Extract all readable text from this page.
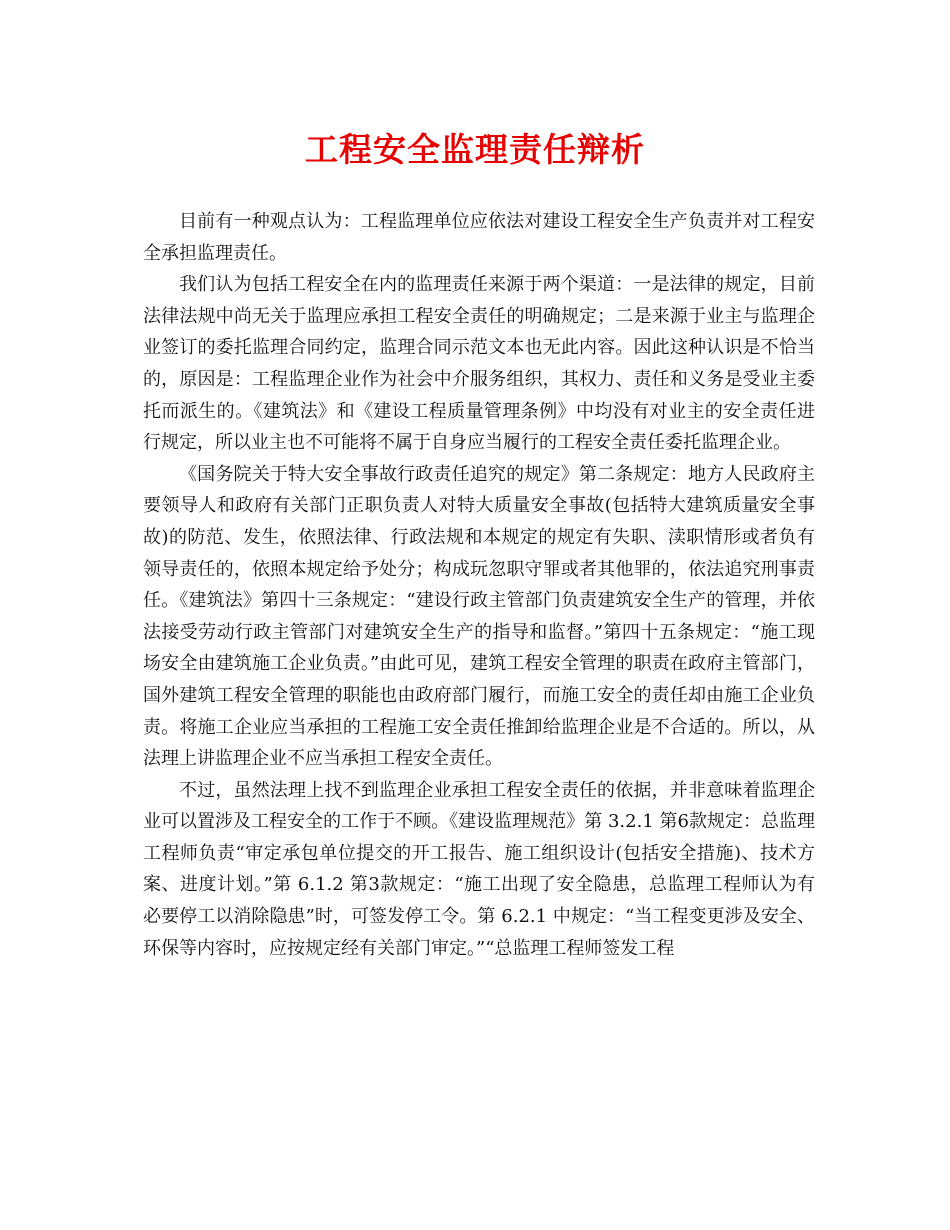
工程安全监理责任辩析

目前有一种观点认为：工程监理单位应依法对建设工程安全生产负责并对工程安全承担监理责任。

我们认为包括工程安全在内的监理责任来源于两个渠道：一是法律的规定，目前法律法规中尚无关于监理应承担工程安全责任的明确规定；二是来源于业主与监理企业签订的委托监理合同约定，监理合同示范文本也无此内容。因此这种认识是不恰当的，原因是：工程监理企业作为社会中介服务组织，其权力、责任和义务是受业主委托而派生的。《建筑法》和《建设工程质量管理条例》中均没有对业主的安全责任进行规定，所以业主也不可能将不属于自身应当履行的工程安全责任委托监理企业。

《国务院关于特大安全事故行政责任追究的规定》第二条规定：地方人民政府主要领导人和政府有关部门正职负责人对特大质量安全事故(包括特大建筑质量安全事故)的防范、发生，依照法律、行政法规和本规定的规定有失职、渎职情形或者负有领导责任的，依照本规定给予处分；构成玩忽职守罪或者其他罪的，依法追究刑事责任。《建筑法》第四十三条规定：“建设行政主管部门负责建筑安全生产的管理，并依法接受劳动行政主管部门对建筑安全生产的指导和监督。”第四十五条规定：“施工现场安全由建筑施工企业负责。”由此可见，建筑工程安全管理的职责在政府主管部门，国外建筑工程安全管理的职能也由政府部门履行，而施工安全的责任却由施工企业负责。将施工企业应当承担的工程施工安全责任推卸给监理企业是不合适的。所以，从法理上讲监理企业不应当承担工程安全责任。

不过，虽然法理上找不到监理企业承担工程安全责任的依据，并非意味着监理企业可以置涉及工程安全的工作于不顾。《建设监理规范》第 3.2.1 第6款规定：总监理工程师负责“审定承包单位提交的开工报告、施工组织设计(包括安全措施)、技术方案、进度计划。”第 6.1.2 第3款规定：“施工出现了安全隐患，总监理工程师认为有必要停工以消除隐患”时，可签发停工令。第 6.2.1 中规定：“当工程变更涉及安全、环保等内容时，应按规定经有关部门审定。”“总监理工程师签发工程
